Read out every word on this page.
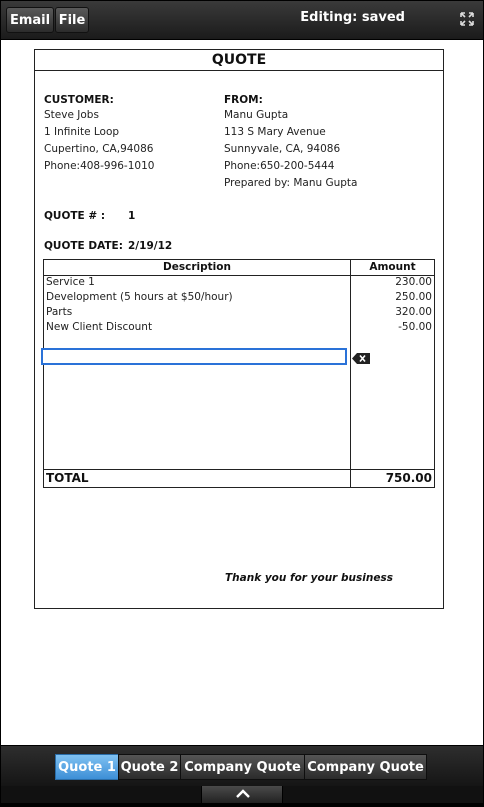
Email File	Editing: saved
QUOTE
CUSTOMER:
Steve Jobs
1 Infinite Loop
Cupertino, CA,94086
Phone:408-996-1010
FROM:
Manu Gupta
113 S Mary Avenue
Sunnyvale, CA, 94086
Phone:650-200-5444
Prepared by: Manu Gupta
QUOTE # : 1
QUOTE DATE: 2/19/12
Description	Amount
Service 1	230.00
Development (5 hours at $50/hour)	250.00
Parts	320.00
New Client Discount	-50.00
TOTAL	750.00
Thank you for your business
Quote 1 Quote 2 Company Quote Company Quote
